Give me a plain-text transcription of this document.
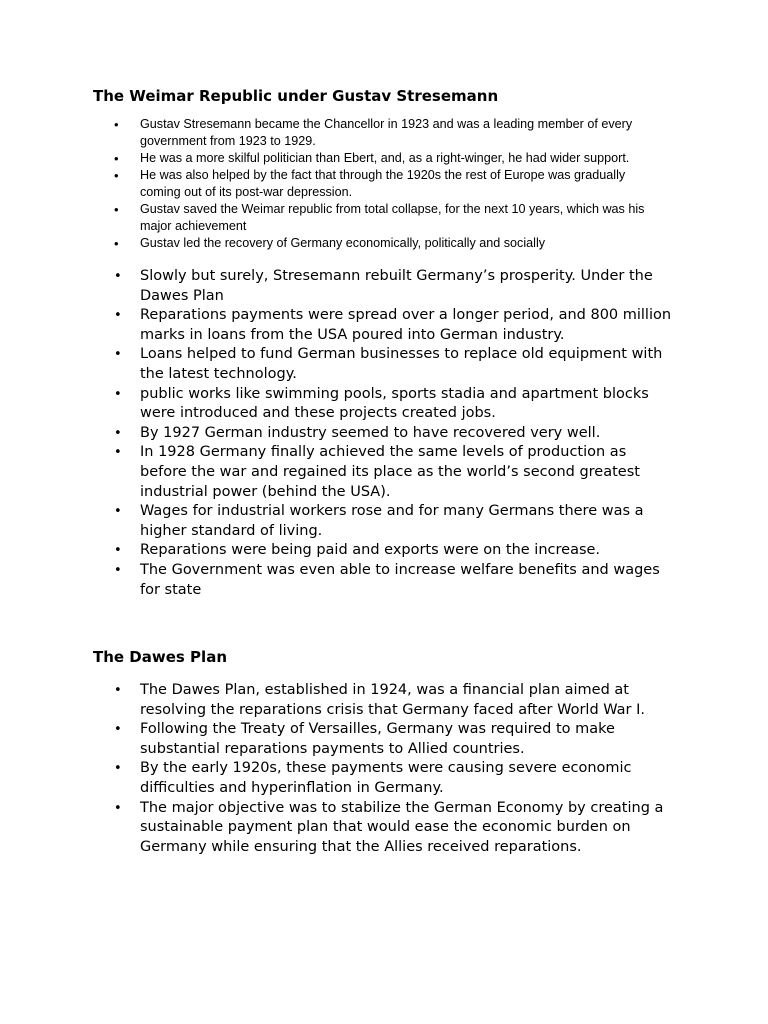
The Weimar Republic under Gustav Stresemann
• Gustav Stresemann became the Chancellor in 1923 and was a leading member of every government from 1923 to 1929.
• He was a more skilful politician than Ebert, and, as a right-winger, he had wider support.
• He was also helped by the fact that through the 1920s the rest of Europe was gradually coming out of its post-war depression.
• Gustav saved the Weimar republic from total collapse, for the next 10 years, which was his major achievement
• Gustav led the recovery of Germany economically, politically and socially
• Slowly but surely, Stresemann rebuilt Germany’s prosperity. Under the Dawes Plan
• Reparations payments were spread over a longer period, and 800 million marks in loans from the USA poured into German industry.
• Loans helped to fund German businesses to replace old equipment with the latest technology.
• public works like swimming pools, sports stadia and apartment blocks were introduced and these projects created jobs.
• By 1927 German industry seemed to have recovered very well.
• In 1928 Germany finally achieved the same levels of production as before the war and regained its place as the world’s second greatest industrial power (behind the USA).
• Wages for industrial workers rose and for many Germans there was a higher standard of living.
• Reparations were being paid and exports were on the increase.
• The Government was even able to increase welfare benefits and wages for state
The Dawes Plan
• The Dawes Plan, established in 1924, was a financial plan aimed at resolving the reparations crisis that Germany faced after World War I.
• Following the Treaty of Versailles, Germany was required to make substantial reparations payments to Allied countries.
• By the early 1920s, these payments were causing severe economic difficulties and hyperinflation in Germany.
• The major objective was to stabilize the German Economy by creating a sustainable payment plan that would ease the economic burden on Germany while ensuring that the Allies received reparations.
